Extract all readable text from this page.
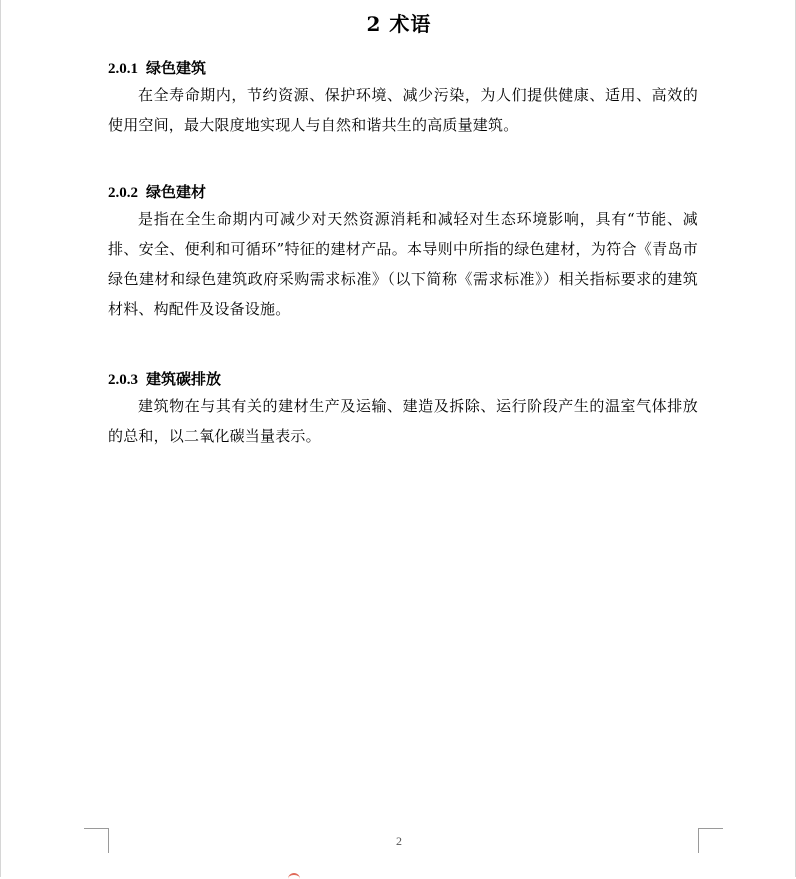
2 术语
2.0.1 绿色建筑

在全寿命期内，节约资源、保护环境、减少污染，为人们提供健康、适用、高效的使用空间，最大限度地实现人与自然和谐共生的高质量建筑。

2.0.2 绿色建材

是指在全生命期内可减少对天然资源消耗和减轻对生态环境影响，具有“节能、减排、安全、便利和可循环”特征的建材产品。本导则中所指的绿色建材，为符合《青岛市绿色建材和绿色建筑政府采购需求标准》（以下简称《需求标准》）相关指标要求的建筑材料、构配件及设备设施。

2.0.3 建筑碳排放

建筑物在与其有关的建材生产及运输、建造及拆除、运行阶段产生的温室气体排放的总和，以二氧化碳当量表示。

2
